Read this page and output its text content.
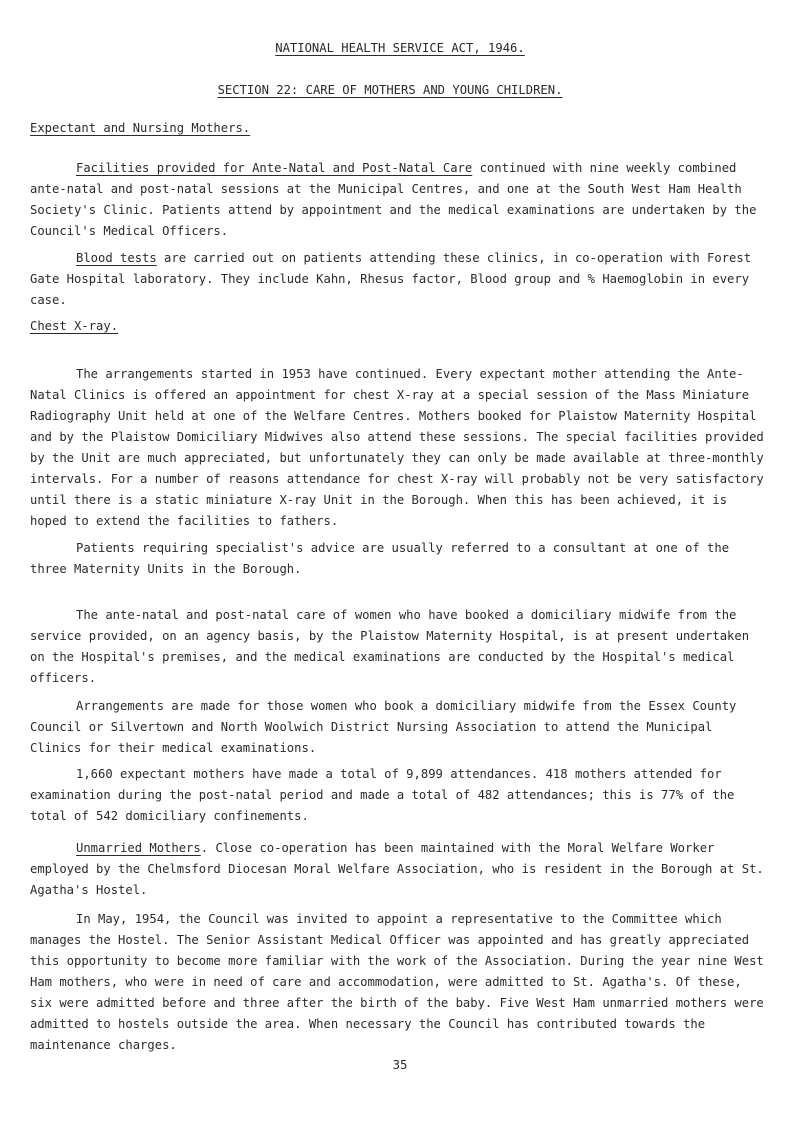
NATIONAL HEALTH SERVICE ACT, 1946.
SECTION 22: CARE OF MOTHERS AND YOUNG CHILDREN.
Expectant and Nursing Mothers.

Facilities provided for Ante-Natal and Post-Natal Care continued with nine weekly combined ante-natal and post-natal sessions at the Municipal Centres, and one at the South West Ham Health Society's Clinic. Patients attend by appointment and the medical examinations are undertaken by the Council's Medical Officers.

Blood tests are carried out on patients attending these clinics, in co-operation with Forest Gate Hospital laboratory. They include Kahn, Rhesus factor, Blood group and % Haemoglobin in every case.

Chest X-ray.

The arrangements started in 1953 have continued. Every expectant mother attending the Ante-Natal Clinics is offered an appointment for chest X-ray at a special session of the Mass Miniature Radiography Unit held at one of the Welfare Centres. Mothers booked for Plaistow Maternity Hospital and by the Plaistow Domiciliary Midwives also attend these sessions. The special facilities provided by the Unit are much appreciated, but unfortunately they can only be made available at three-monthly intervals. For a number of reasons attendance for chest X-ray will probably not be very satisfactory until there is a static miniature X-ray Unit in the Borough. When this has been achieved, it is hoped to extend the facilities to fathers.

Patients requiring specialist's advice are usually referred to a consultant at one of the three Maternity Units in the Borough.

The ante-natal and post-natal care of women who have booked a domiciliary midwife from the service provided, on an agency basis, by the Plaistow Maternity Hospital, is at present undertaken on the Hospital's premises, and the medical examinations are conducted by the Hospital's medical officers.

Arrangements are made for those women who book a domiciliary midwife from the Essex County Council or Silvertown and North Woolwich District Nursing Association to attend the Municipal Clinics for their medical examinations.

1,660 expectant mothers have made a total of 9,899 attendances. 418 mothers attended for examination during the post-natal period and made a total of 482 attendances; this is 77% of the total of 542 domiciliary confinements.

Unmarried Mothers. Close co-operation has been maintained with the Moral Welfare Worker employed by the Chelmsford Diocesan Moral Welfare Association, who is resident in the Borough at St. Agatha's Hostel.

In May, 1954, the Council was invited to appoint a representative to the Committee which manages the Hostel. The Senior Assistant Medical Officer was appointed and has greatly appreciated this opportunity to become more familiar with the work of the Association. During the year nine West Ham mothers, who were in need of care and accommodation, were admitted to St. Agatha's. Of these, six were admitted before and three after the birth of the baby. Five West Ham unmarried mothers were admitted to hostels outside the area. When necessary the Council has contributed towards the maintenance charges.

35
